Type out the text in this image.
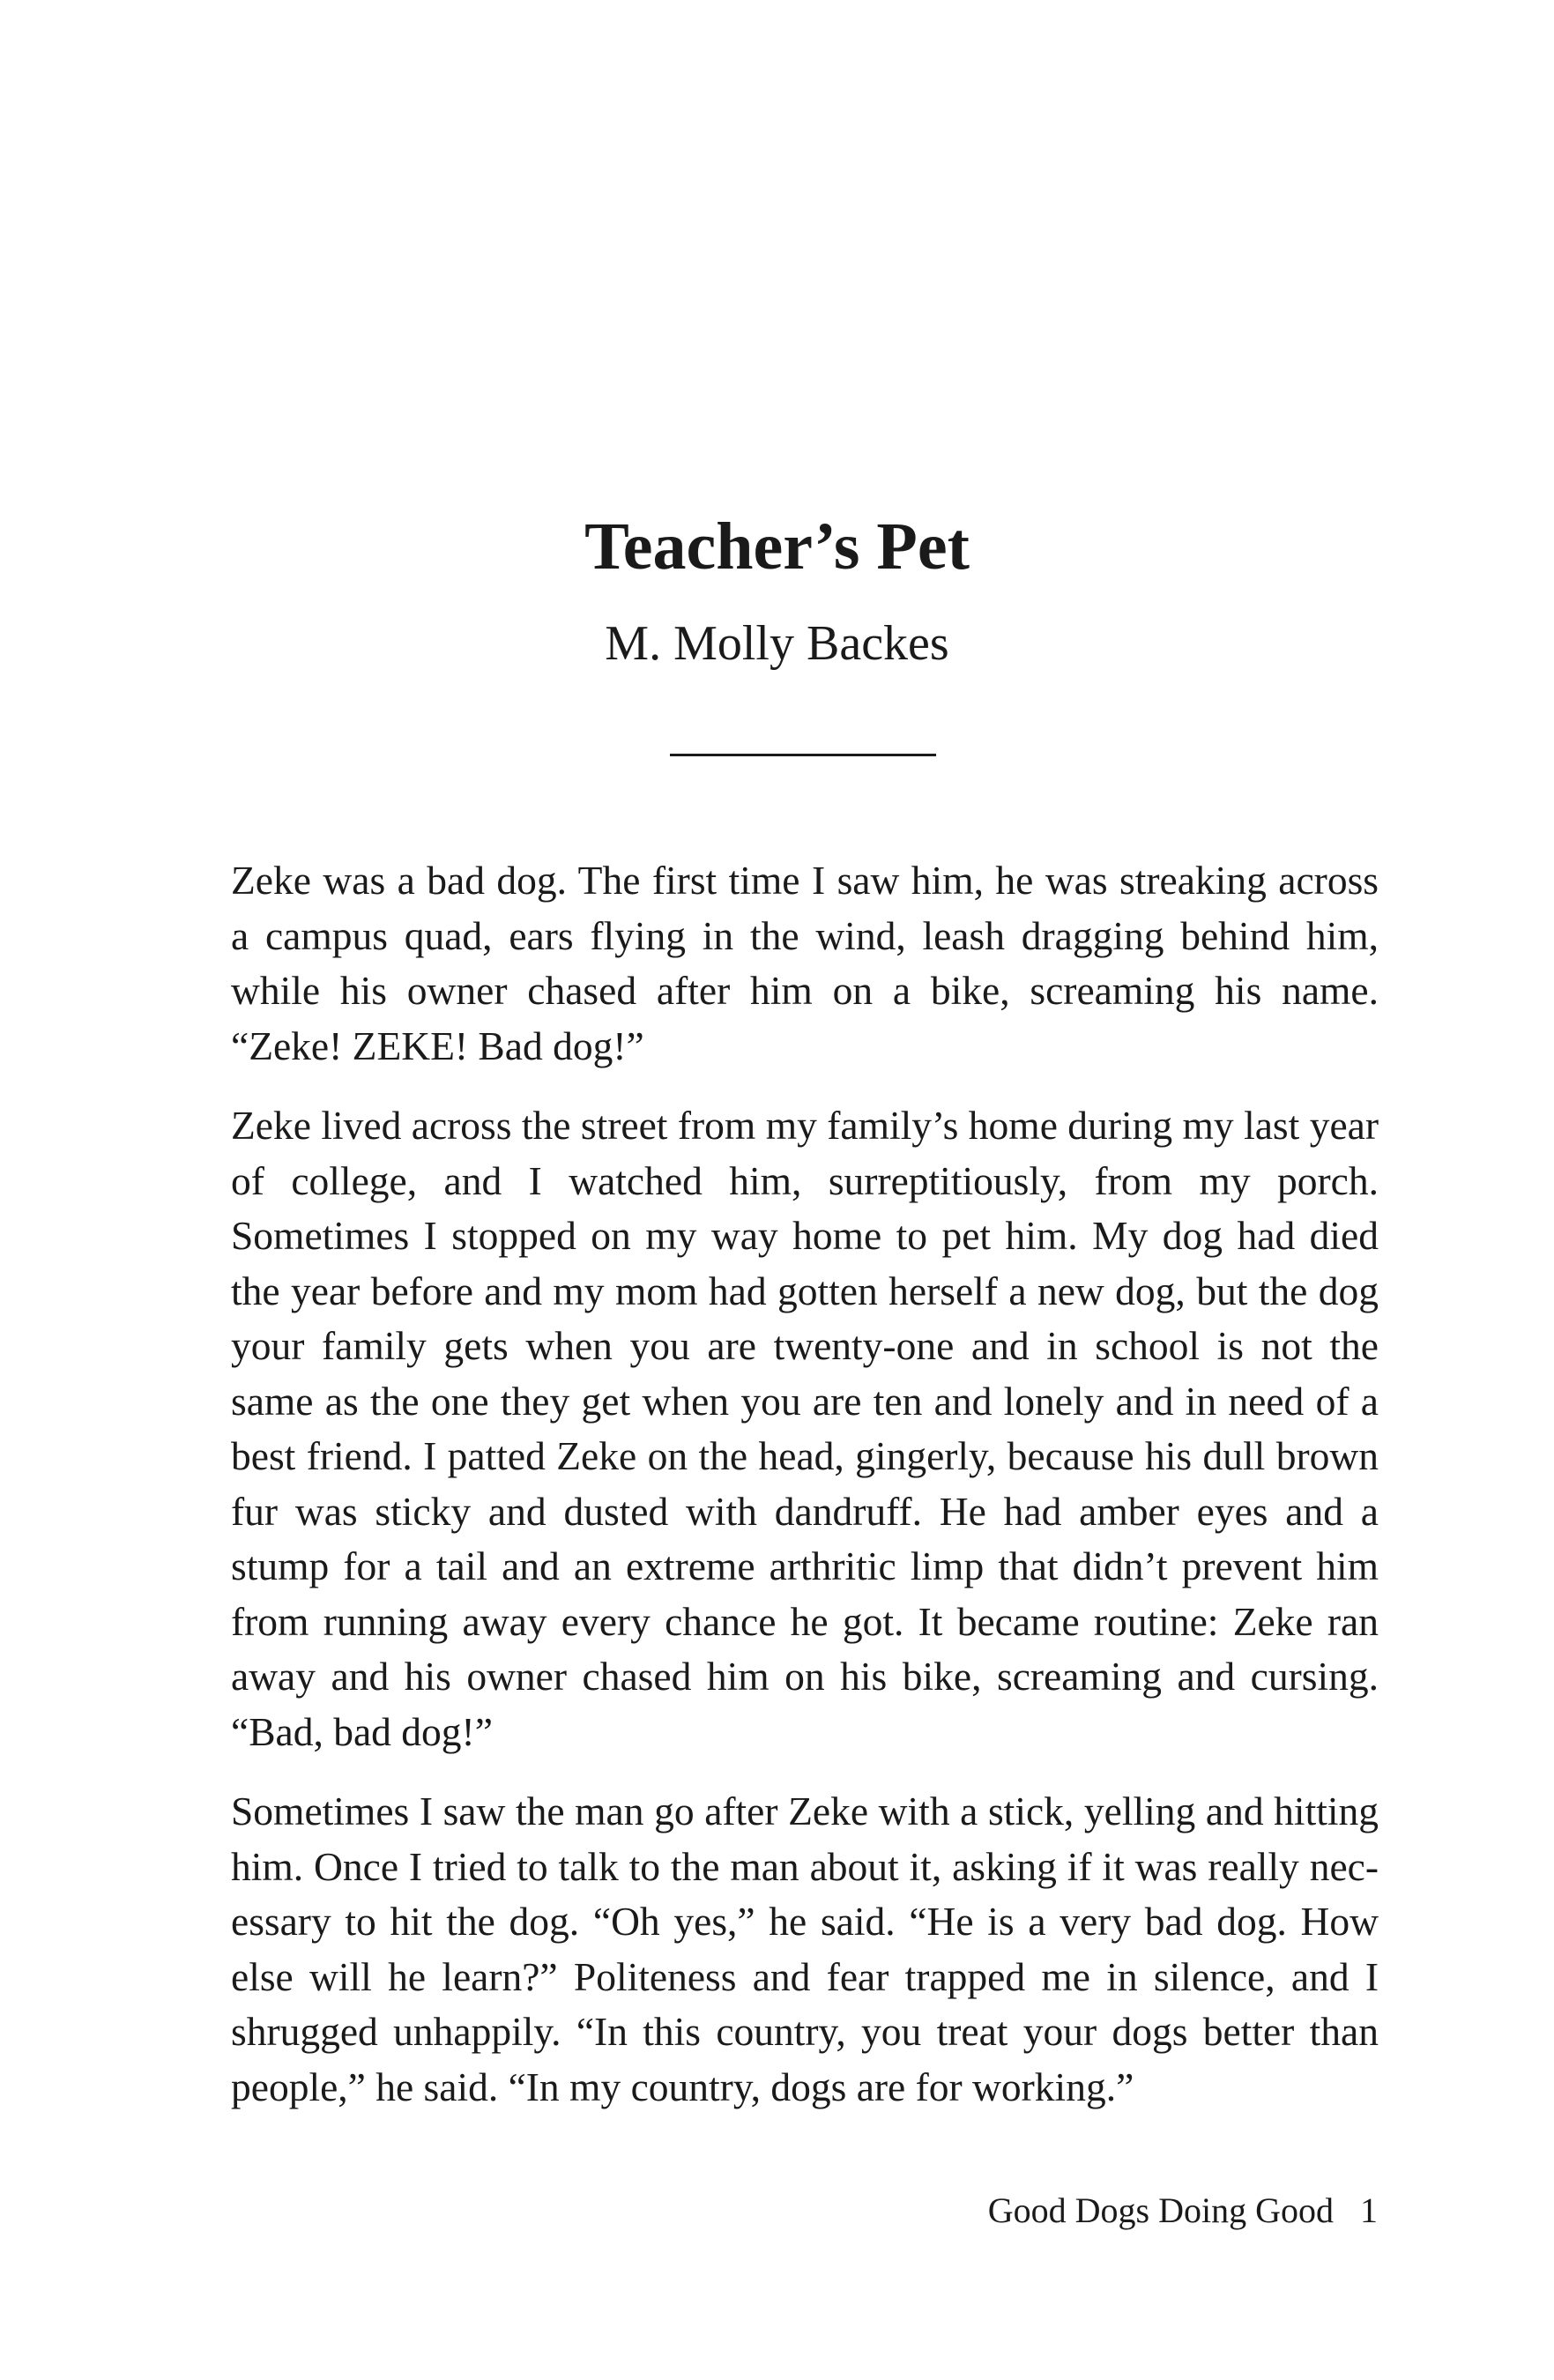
Teacher’s Pet
M. Molly Backes

Zeke was a bad dog. The first time I saw him, he was streaking across a campus quad, ears flying in the wind, leash dragging behind him, while his owner chased after him on a bike, screaming his name. “Zeke! ZEKE! Bad dog!”

Zeke lived across the street from my family’s home during my last year of college, and I watched him, surreptitiously, from my porch. Sometimes I stopped on my way home to pet him. My dog had died the year before and my mom had gotten herself a new dog, but the dog your family gets when you are twenty-one and in school is not the same as the one they get when you are ten and lonely and in need of a best friend. I patted Zeke on the head, gingerly, because his dull brown fur was sticky and dusted with dandruff. He had amber eyes and a stump for a tail and an extreme arthritic limp that didn’t prevent him from running away every chance he got. It became routine: Zeke ran away and his owner chased him on his bike, screaming and cursing. “Bad, bad dog!”

Sometimes I saw the man go after Zeke with a stick, yelling and hitting him. Once I tried to talk to the man about it, asking if it was really nec-essary to hit the dog. “Oh yes,” he said. “He is a very bad dog. How else will he learn?” Politeness and fear trapped me in silence, and I shrugged unhappily. “In this country, you treat your dogs better than people,” he said. “In my country, dogs are for working.”

Good Dogs Doing Good 1
